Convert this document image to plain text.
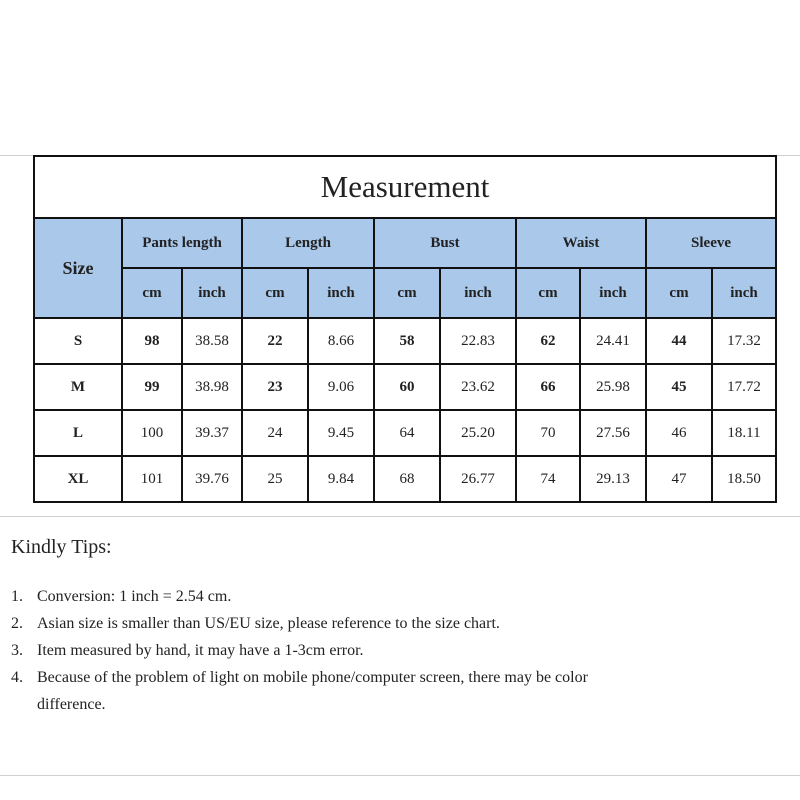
Measurement										
Size	Pants length		Length		Bust		Waist		Sleeve	
	cm	inch	cm	inch	cm	inch	cm	inch	cm	inch
S	98	38.58	22	8.66	58	22.83	62	24.41	44	17.32
M	99	38.98	23	9.06	60	23.62	66	25.98	45	17.72
L	100	39.37	24	9.45	64	25.20	70	27.56	46	18.11
XL	101	39.76	25	9.84	68	26.77	74	29.13	47	18.50
Kindly Tips:
1. Conversion: 1 inch = 2.54 cm.
2. Asian size is smaller than US/EU size, please reference to the size chart.
3. Item measured by hand, it may have a 1-3cm error.
4. Because of the problem of light on mobile phone/computer screen, there may be color difference.
